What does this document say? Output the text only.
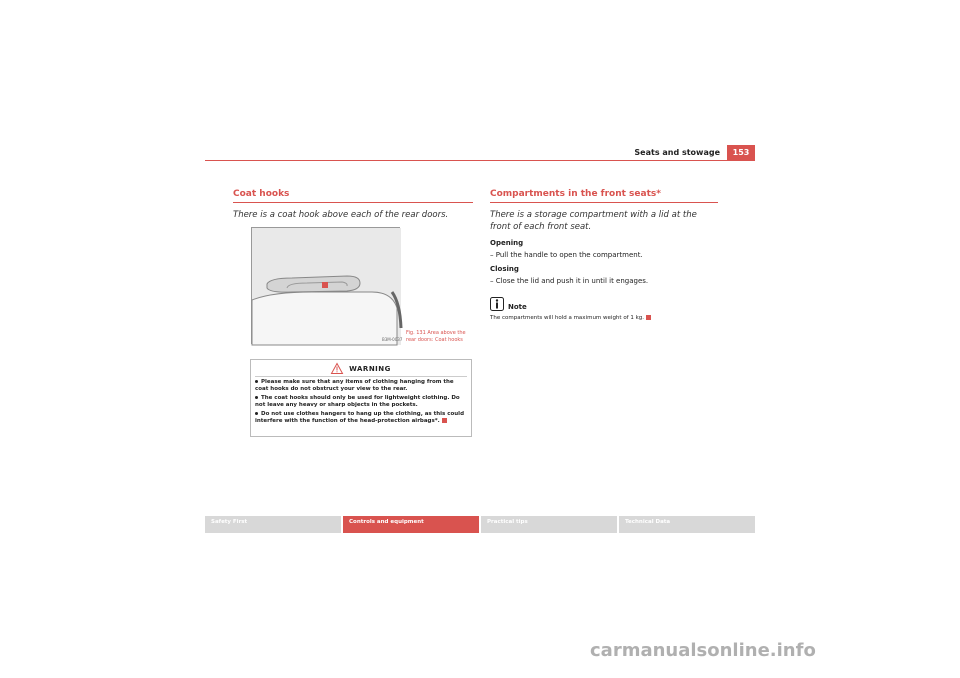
Seats and stowage	153
Coat hooks
There is a coat hook above each of the rear doors.
B3M-0037
Fig. 131 Area above the rear doors: Coat hooks
WARNING
Please make sure that any items of clothing hanging from the coat hooks do not obstruct your view to the rear.
The coat hooks should only be used for lightweight clothing. Do not leave any heavy or sharp objects in the pockets.
Do not use clothes hangers to hang up the clothing, as this could interfere with the function of the head-protection airbags*.
Compartments in the front seats*
There is a storage compartment with a lid at the front of each front seat.
Opening
– Pull the handle to open the compartment.
Closing
– Close the lid and push it in until it engages.
Note
The compartments will hold a maximum weight of 1 kg.
Safety First	Controls and equipment	Practical tips	Technical Data
carmanualsonline.info
